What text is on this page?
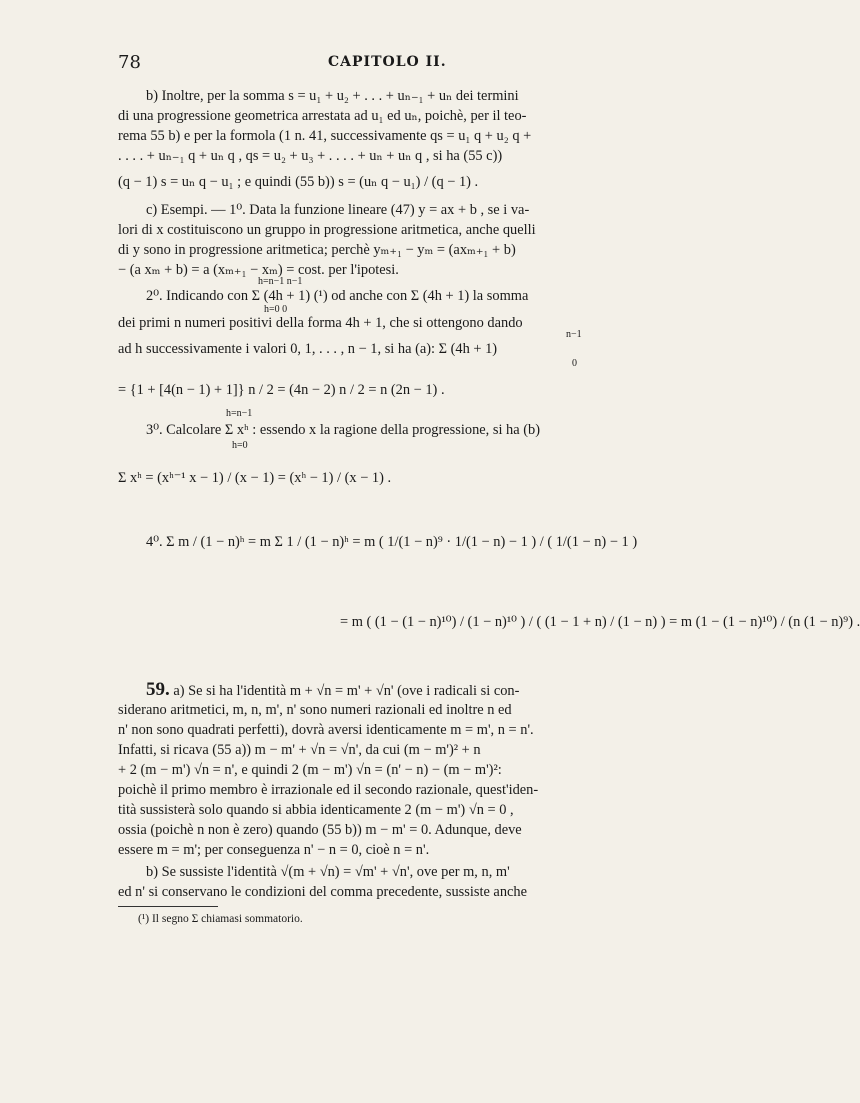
78	CAPITOLO II.
b) Inoltre, per la somma s = u₁ + u₂ + . . . + uₙ₋₁ + uₙ dei termini
di una progressione geometrica arrestata ad u₁ ed uₙ, poichè, per il teo-
rema 55 b) e per la formola (1 n. 41, successivamente qs = u₁ q + u₂ q +
. . . . + uₙ₋₁ q + uₙ q , qs = u₂ + u₃ + . . . . + uₙ + uₙ q , si ha (55 c))
(q − 1) s = uₙ q − u₁ ; e quindi (55 b)) s = (uₙ q − u₁) / (q − 1) .
c) Esempi. — 1⁰. Data la funzione lineare (47) y = ax + b , se i va-
lori di x costituiscono un gruppo in progressione aritmetica, anche quelli
di y sono in progressione aritmetica; perchè yₘ₊₁ − yₘ = (axₘ₊₁ + b)
− (a xₘ + b) = a (xₘ₊₁ − xₘ) = cost. per l'ipotesi.
h=n−1 n−1
2⁰. Indicando con Σ (4h + 1) (¹) od anche con Σ (4h + 1) la somma
h=0 0
dei primi n numeri positivi della forma 4h + 1, che si ottengono dando
n−1
ad h successivamente i valori 0, 1, . . . , n − 1, si ha (a): Σ (4h + 1)
0
= {1 + [4(n − 1) + 1]} n / 2 = (4n − 2) n / 2 = n (2n − 1) .
h=n−1
3⁰. Calcolare Σ xʰ : essendo x la ragione della progressione, si ha (b)
h=0
Σ xʰ = (xʰ⁻¹ x − 1) / (x − 1) = (xʰ − 1) / (x − 1) .
4⁰. Σ m / (1 − n)ʰ = m Σ 1 / (1 − n)ʰ = m ( 1/(1 − n)⁹ · 1/(1 − n) − 1 ) / ( 1/(1 − n) − 1 )
= m ( (1 − (1 − n)¹⁰) / (1 − n)¹⁰ ) / ( (1 − 1 + n) / (1 − n) ) = m (1 − (1 − n)¹⁰) / (n (1 − n)⁹) .
59. a) Se si ha l'identità m + √n = m' + √n' (ove i radicali si con-
siderano aritmetici, m, n, m', n' sono numeri razionali ed inoltre n ed
n' non sono quadrati perfetti), dovrà aversi identicamente m = m', n = n'.
Infatti, si ricava (55 a)) m − m' + √n = √n', da cui (m − m')² + n
+ 2 (m − m') √n = n', e quindi 2 (m − m') √n = (n' − n) − (m − m')²:
poichè il primo membro è irrazionale ed il secondo razionale, quest'iden-
tità sussisterà solo quando si abbia identicamente 2 (m − m') √n = 0 ,
ossia (poichè n non è zero) quando (55 b)) m − m' = 0. Adunque, deve
essere m = m'; per conseguenza n' − n = 0, cioè n = n'.
b) Se sussiste l'identità √(m + √n) = √m' + √n', ove per m, n, m'
ed n' si conservano le condizioni del comma precedente, sussiste anche
(¹) Il segno Σ chiamasi sommatorio.
